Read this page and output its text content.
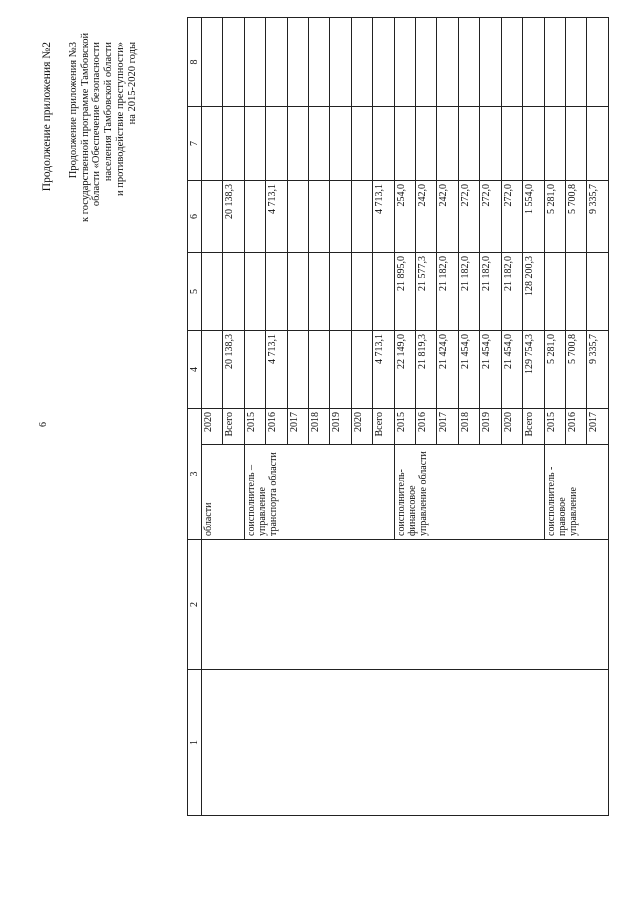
6
Продолжение приложения №2 Продолжение приложения №3 к государственной программе Тамбовской области «Обеспечение безопасности населения Тамбовской области и противодействие преступности» на 2015-2020 годы
1	2	3		4	5	6	7	8
		области	2020					
			Всего	20 138,3		20 138,3		
		соисполнитель – управление транспорта области	2015					
			2016	4 713,1		4 713,1		
			2017					
			2018					
			2019					
			2020					
			Всего	4 713,1		4 713,1		
		соисполнитель- финансовое управление области	2015	22 149,0	21 895,0	254,0		
			2016	21 819,3	21 577,3	242,0		
			2017	21 424,0	21 182,0	242,0		
			2018	21 454,0	21 182,0	272,0		
			2019	21 454,0	21 182,0	272,0		
			2020	21 454,0	21 182,0	272,0		
			Всего	129 754,3	128 200,3	1 554,0		
		соисполнитель - правовое управление	2015	5 281,0		5 281,0		
			2016	5 700,8		5 700,8		
			2017	9 335,7		9 335,7		
